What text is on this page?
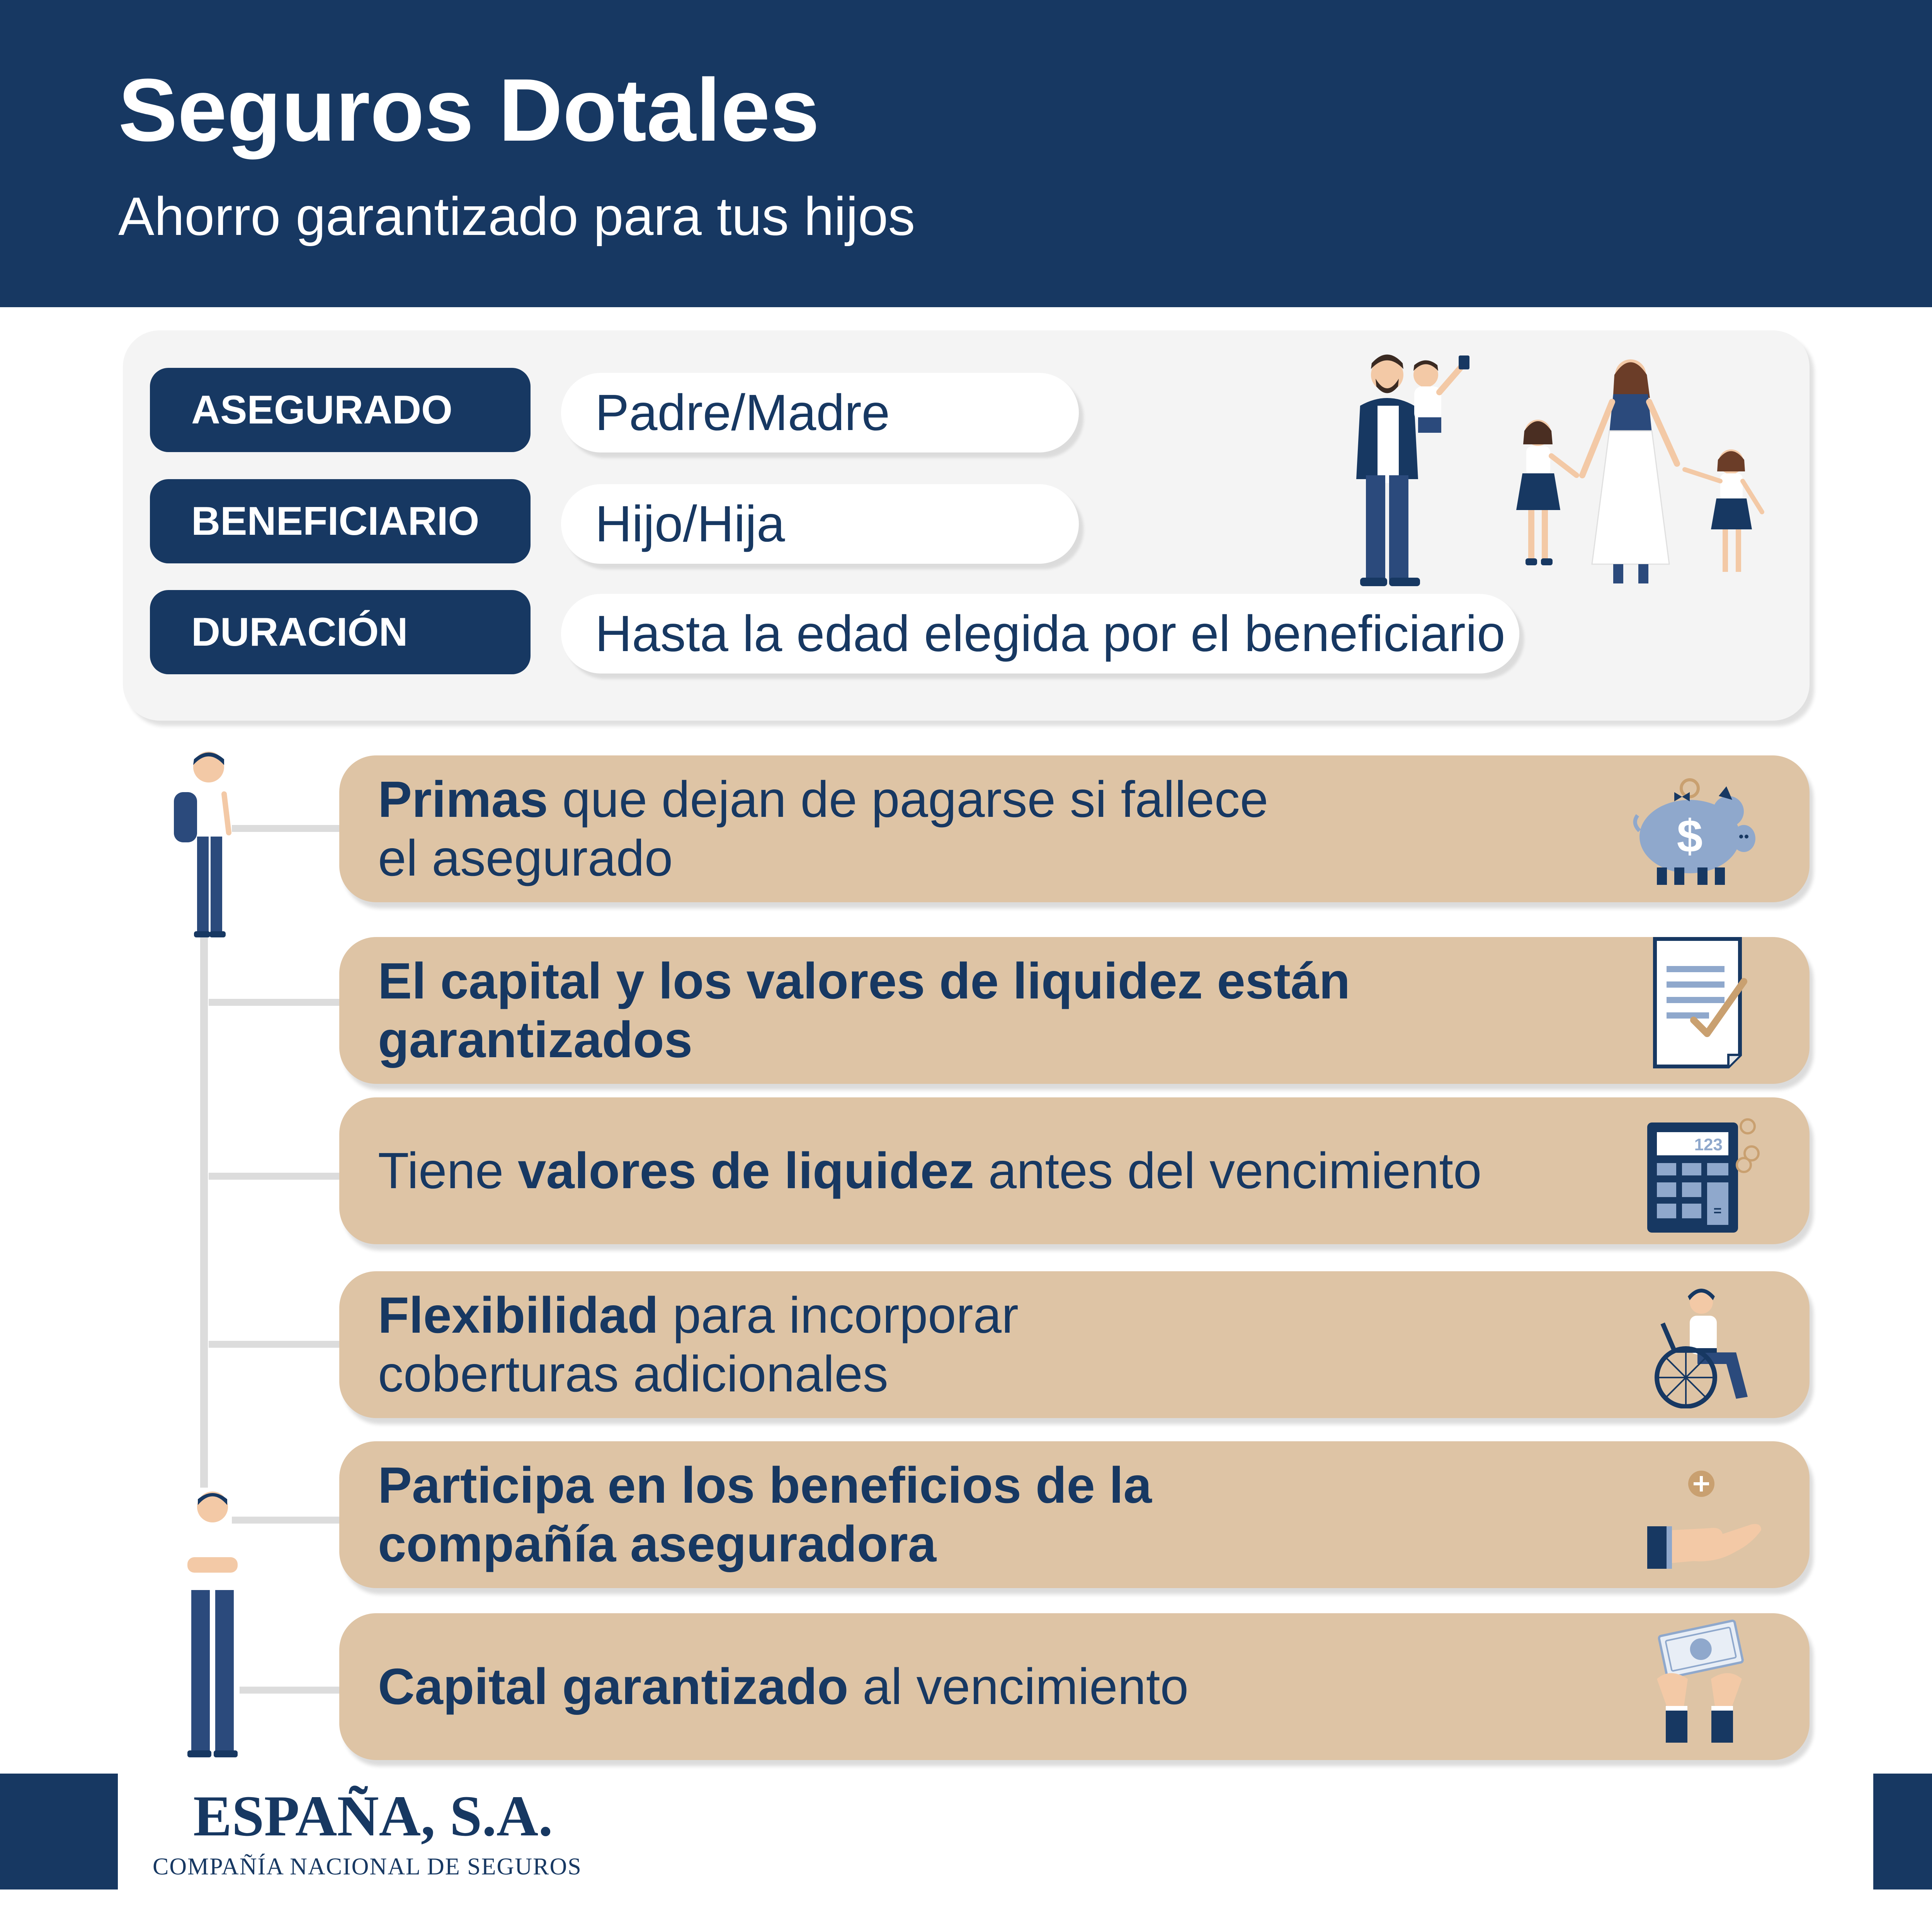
Seguros Dotales
Ahorro garantizado para tus hijos
ASEGURADO	Padre/Madre
BENEFICIARIO	Hijo/Hija
DURACIÓN	Hasta la edad elegida por el beneficiario
Primas que dejan de pagarse si fallece
el asegurado	$
El capital y los valores de liquidez están
garantizados
Tiene valores de liquidez antes del vencimiento	123
=
Flexibilidad para incorporar
coberturas adicionales
Participa en los beneficios de la
compañía aseguradora
Capital garantizado al vencimiento
ESPAÑA, S.A.
COMPAÑÍA NACIONAL DE SEGUROS
